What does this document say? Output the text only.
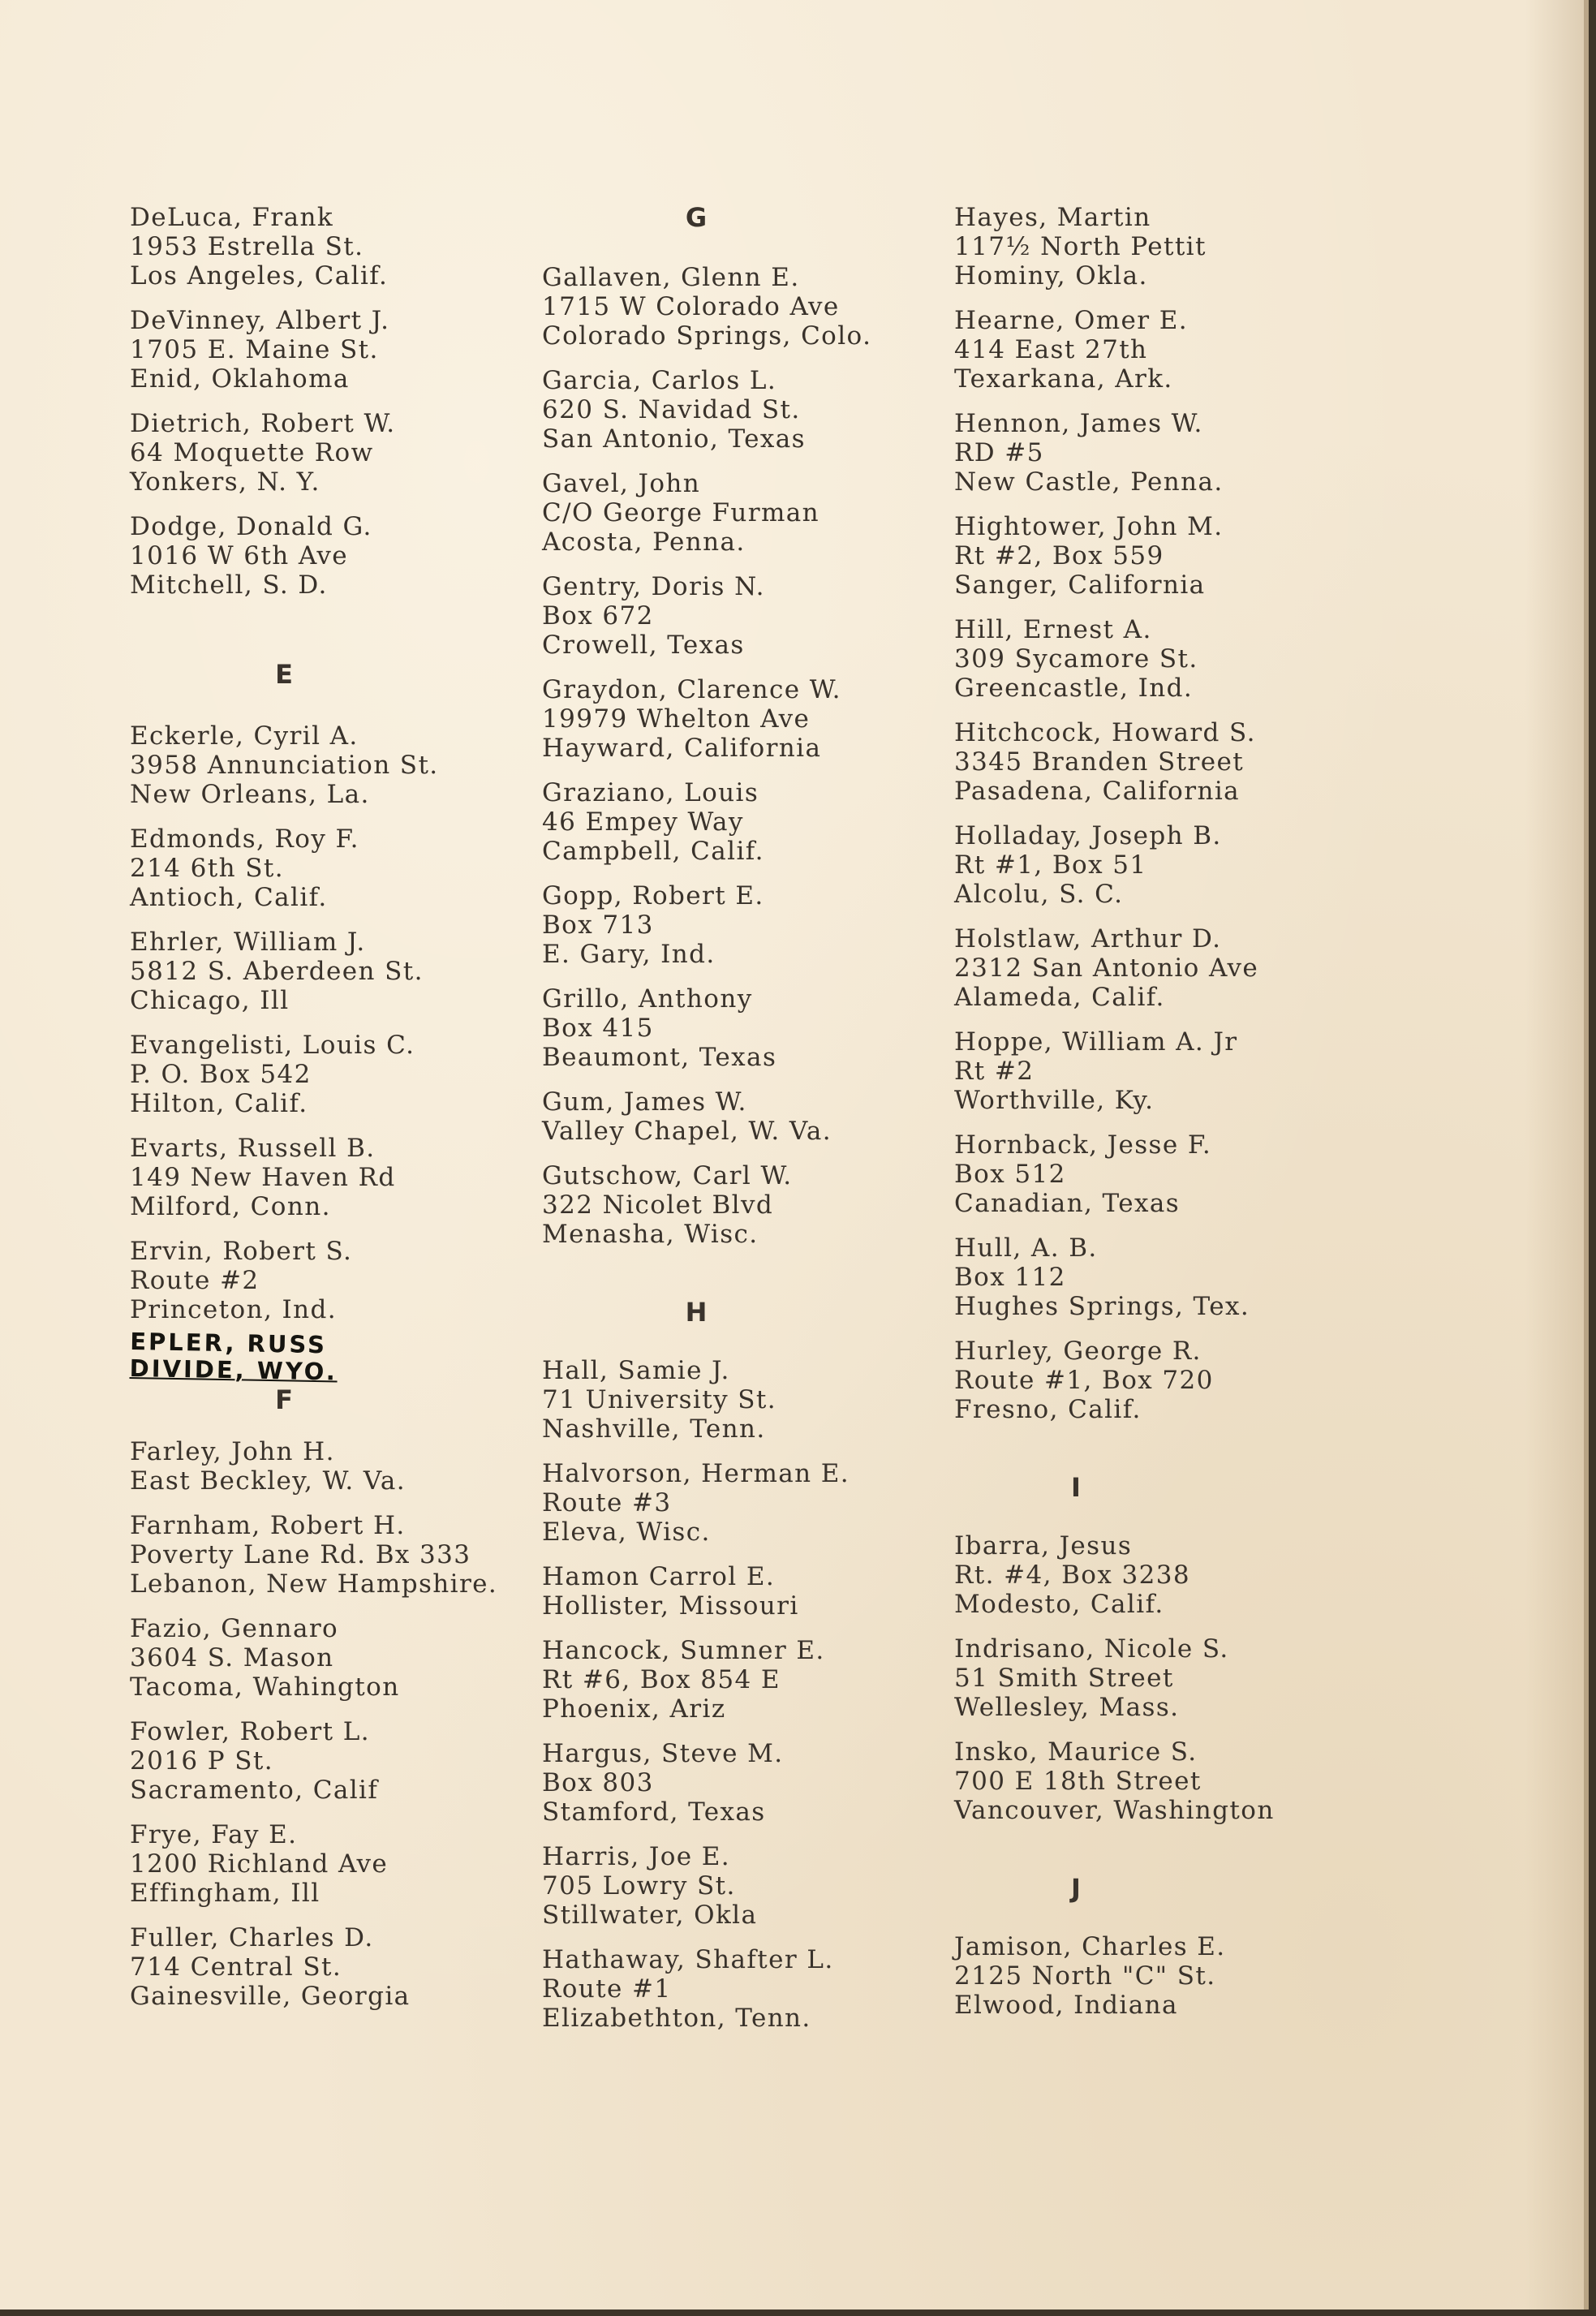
DeLuca, Frank
1953 Estrella St.
Los Angeles, Calif.
DeVinney, Albert J.
1705 E. Maine St.
Enid, Oklahoma
Dietrich, Robert W.
64 Moquette Row
Yonkers, N. Y.
Dodge, Donald G.
1016 W 6th Ave
Mitchell, S. D.
E
Eckerle, Cyril A.
3958 Annunciation St.
New Orleans, La.
Edmonds, Roy F.
214 6th St.
Antioch, Calif.
Ehrler, William J.
5812 S. Aberdeen St.
Chicago, Ill
Evangelisti, Louis C.
P. O. Box 542
Hilton, Calif.
Evarts, Russell B.
149 New Haven Rd
Milford, Conn.
Ervin, Robert S.
Route #2
Princeton, Ind.
EPLER, RUSS
DIVIDE, WYO.
F
Farley, John H.
East Beckley, W. Va.
Farnham, Robert H.
Poverty Lane Rd. Bx 333
Lebanon, New Hampshire.
Fazio, Gennaro
3604 S. Mason
Tacoma, Wahington
Fowler, Robert L.
2016 P St.
Sacramento, Calif
Frye, Fay E.
1200 Richland Ave
Effingham, Ill
Fuller, Charles D.
714 Central St.
Gainesville, Georgia
G
Gallaven, Glenn E.
1715 W Colorado Ave
Colorado Springs, Colo.
Garcia, Carlos L.
620 S. Navidad St.
San Antonio, Texas
Gavel, John
C/O George Furman
Acosta, Penna.
Gentry, Doris N.
Box 672
Crowell, Texas
Graydon, Clarence W.
19979 Whelton Ave
Hayward, California
Graziano, Louis
46 Empey Way
Campbell, Calif.
Gopp, Robert E.
Box 713
E. Gary, Ind.
Grillo, Anthony
Box 415
Beaumont, Texas
Gum, James W.
Valley Chapel, W. Va.
Gutschow, Carl W.
322 Nicolet Blvd
Menasha, Wisc.
H
Hall, Samie J.
71 University St.
Nashville, Tenn.
Halvorson, Herman E.
Route #3
Eleva, Wisc.
Hamon Carrol E.
Hollister, Missouri
Hancock, Sumner E.
Rt #6, Box 854 E
Phoenix, Ariz
Hargus, Steve M.
Box 803
Stamford, Texas
Harris, Joe E.
705 Lowry St.
Stillwater, Okla
Hathaway, Shafter L.
Route #1
Elizabethton, Tenn.
Hayes, Martin
117½ North Pettit
Hominy, Okla.
Hearne, Omer E.
414 East 27th
Texarkana, Ark.
Hennon, James W.
RD #5
New Castle, Penna.
Hightower, John M.
Rt #2, Box 559
Sanger, California
Hill, Ernest A.
309 Sycamore St.
Greencastle, Ind.
Hitchcock, Howard S.
3345 Branden Street
Pasadena, California
Holladay, Joseph B.
Rt #1, Box 51
Alcolu, S. C.
Holstlaw, Arthur D.
2312 San Antonio Ave
Alameda, Calif.
Hoppe, William A. Jr
Rt #2
Worthville, Ky.
Hornback, Jesse F.
Box 512
Canadian, Texas
Hull, A. B.
Box 112
Hughes Springs, Tex.
Hurley, George R.
Route #1, Box 720
Fresno, Calif.
I
Ibarra, Jesus
Rt. #4, Box 3238
Modesto, Calif.
Indrisano, Nicole S.
51 Smith Street
Wellesley, Mass.
Insko, Maurice S.
700 E 18th Street
Vancouver, Washington
J
Jamison, Charles E.
2125 North "C" St.
Elwood, Indiana
